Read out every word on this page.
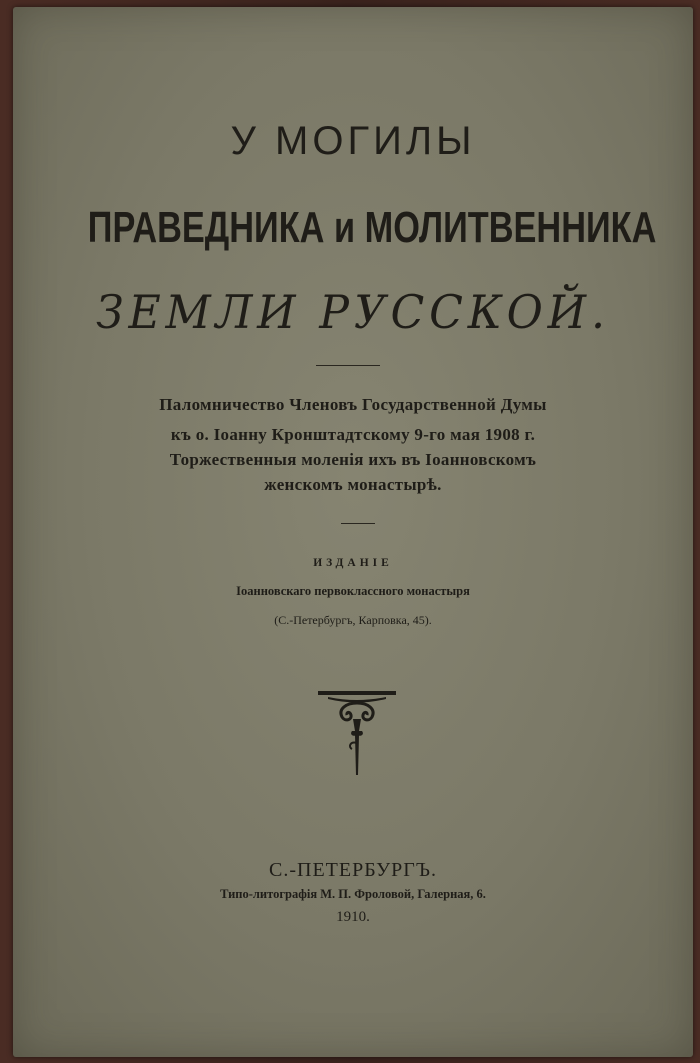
У МОГИЛЫ
ПРАВЕДНИКА и МОЛИТВЕННИКА
ЗЕМЛИ РУССКОЙ.
Паломничество Членовъ Государственной Думы
къ о. Іоанну Кронштадтскому 9-го мая 1908 г.
Торжественныя моленія ихъ въ Іоанновскомъ
женскомъ монастырѣ.
ИЗДАНІЕ
Іоанновскаго первоклассного монастыря
(С.-Петербургъ, Карповка, 45).
С.-ПЕТЕРБУРГЪ.
Типо-литографія М. П. Фроловой, Галерная, 6.
1910.
